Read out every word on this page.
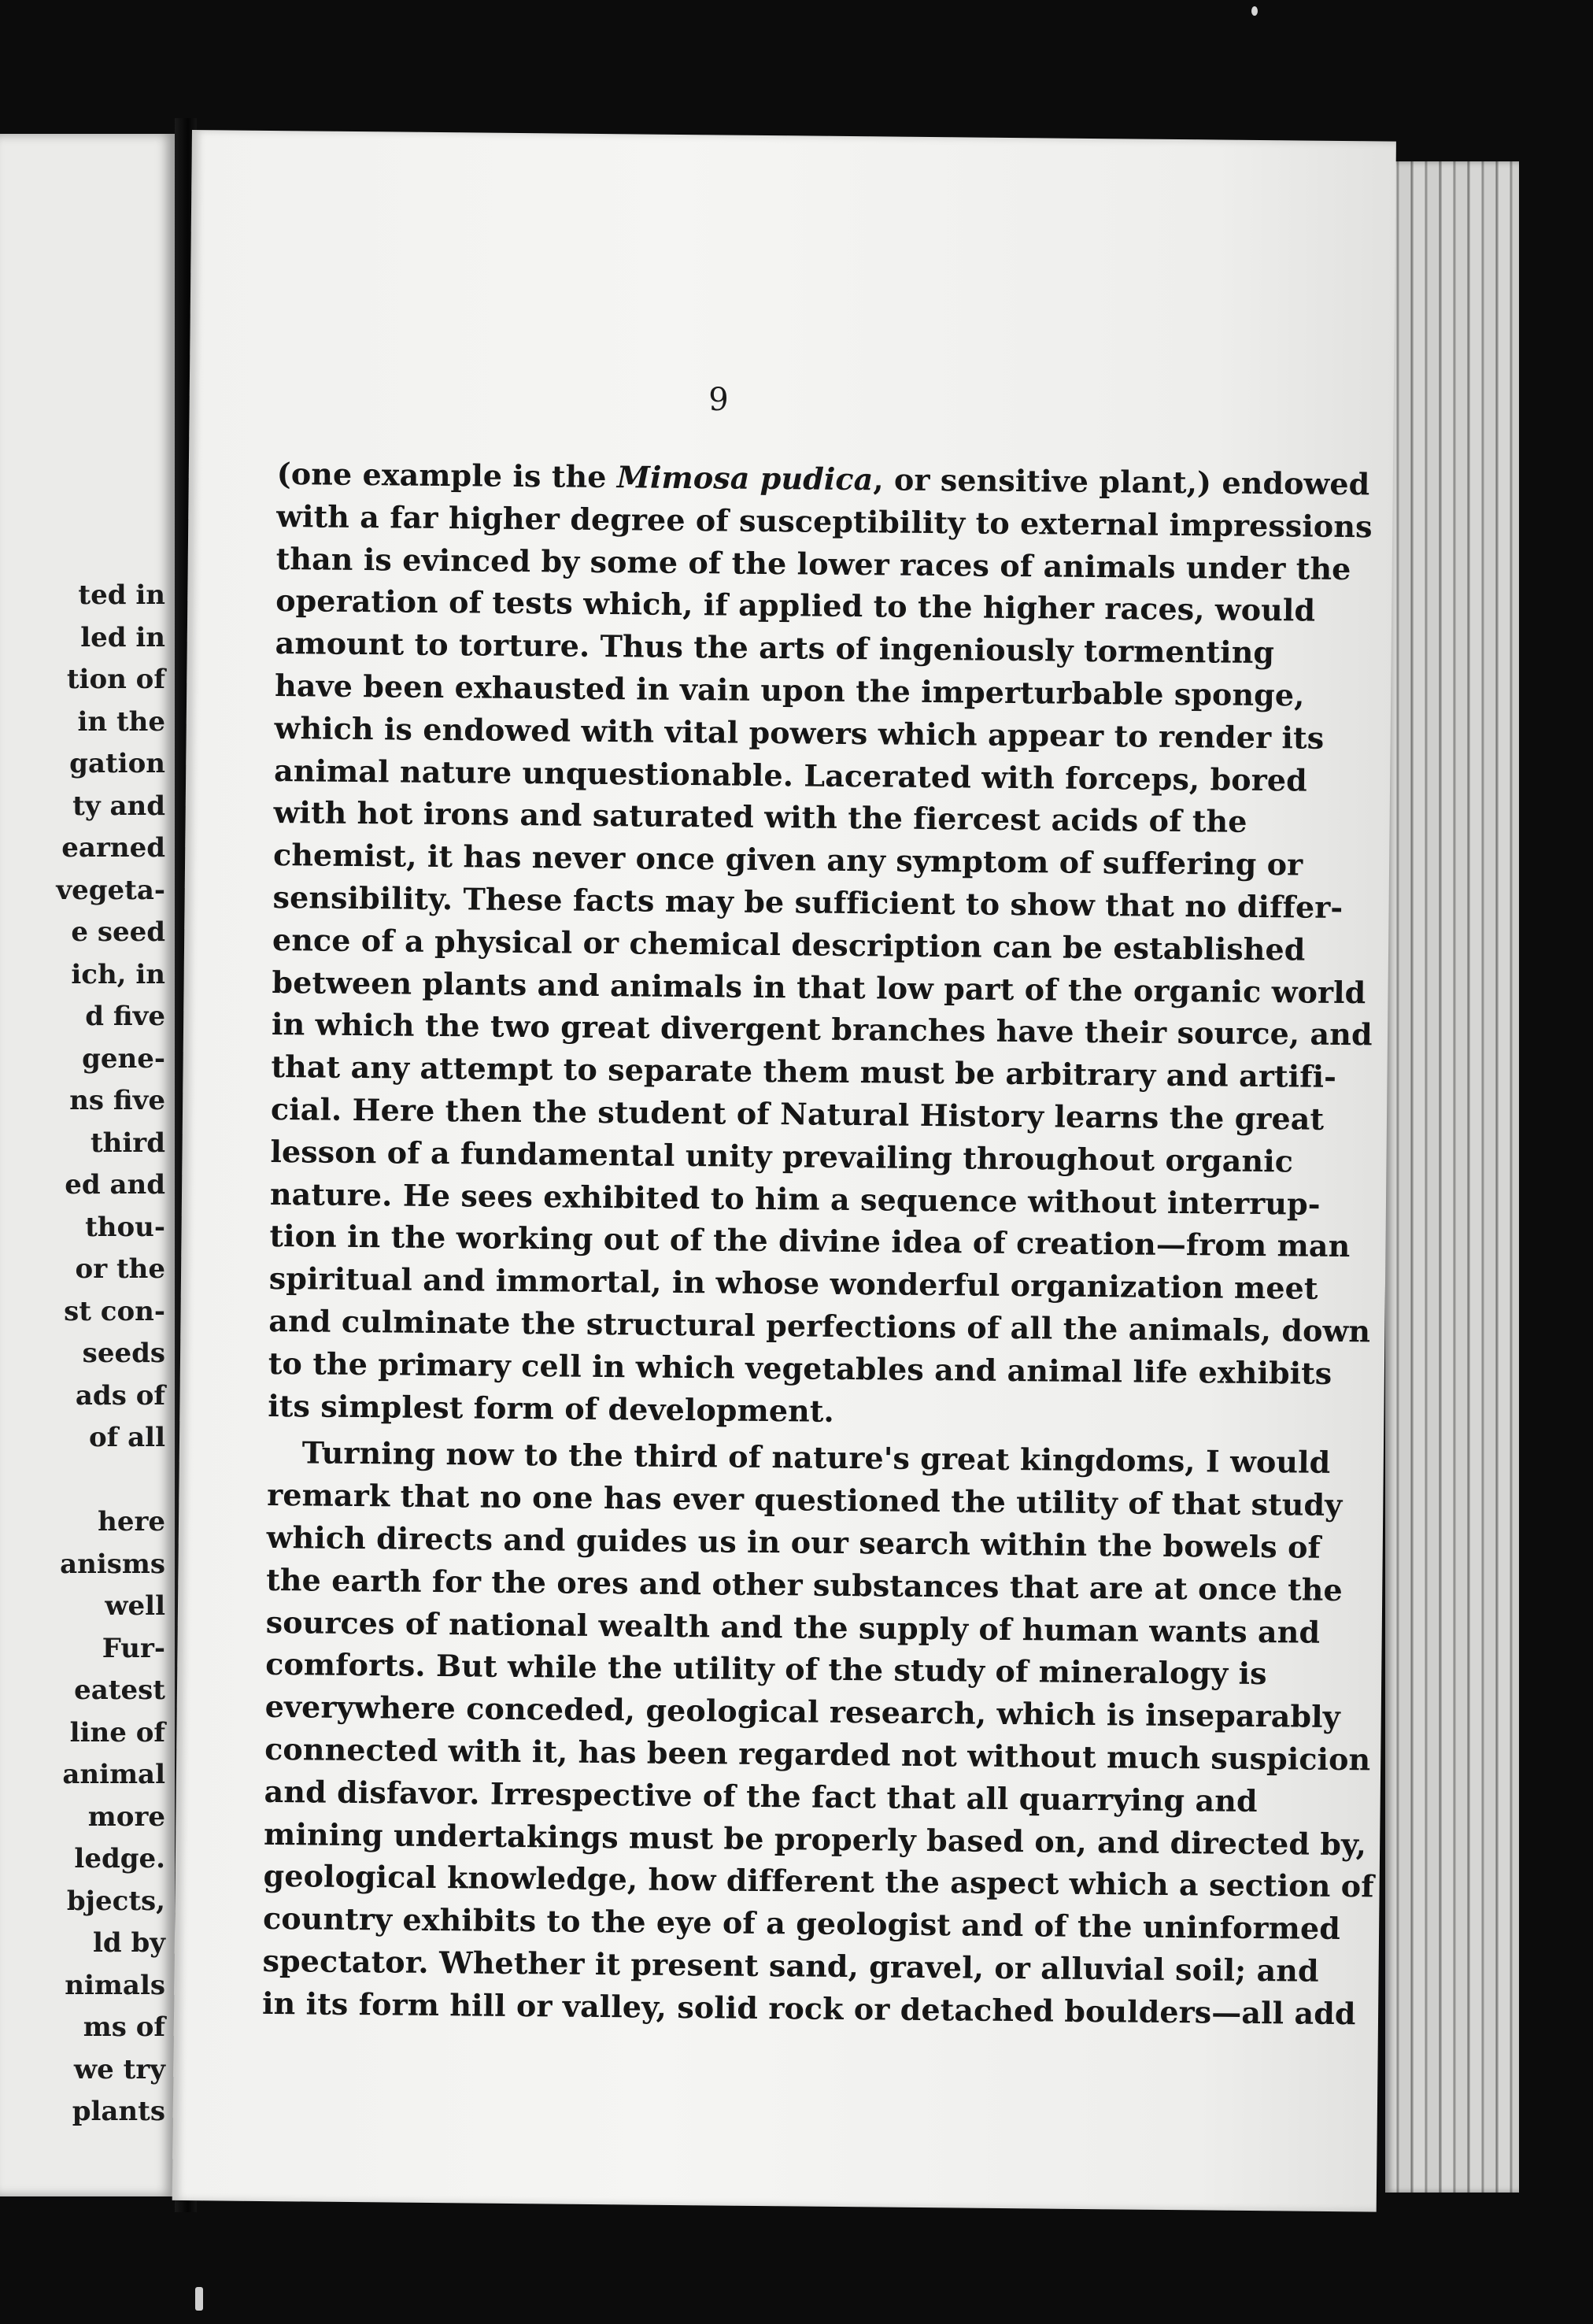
ted in
led in
tion of
in the
gation
ty and
earned
vegeta-
e seed
ich, in
d five
gene-
ns five
third
ed and
thou-
or the
st con-
seeds
ads of
of all
here
anisms
well
Fur-
eatest
line of
animal
more
ledge.
bjects,
ld by
nimals
ms of
we try
plants
9
(one example is the Mimosa pudica, or sensitive plant,) endowed
with a far higher degree of susceptibility to external impressions
than is evinced by some of the lower races of animals under the
operation of tests which, if applied to the higher races, would
amount to torture. Thus the arts of ingeniously tormenting
have been exhausted in vain upon the imperturbable sponge,
which is endowed with vital powers which appear to render its
animal nature unquestionable. Lacerated with forceps, bored
with hot irons and saturated with the fiercest acids of the
chemist, it has never once given any symptom of suffering or
sensibility. These facts may be sufficient to show that no differ-
ence of a physical or chemical description can be established
between plants and animals in that low part of the organic world
in which the two great divergent branches have their source, and
that any attempt to separate them must be arbitrary and artifi-
cial. Here then the student of Natural History learns the great
lesson of a fundamental unity prevailing throughout organic
nature. He sees exhibited to him a sequence without interrup-
tion in the working out of the divine idea of creation—from man
spiritual and immortal, in whose wonderful organization meet
and culminate the structural perfections of all the animals, down
to the primary cell in which vegetables and animal life exhibits
its simplest form of development.
Turning now to the third of nature's great kingdoms, I would
remark that no one has ever questioned the utility of that study
which directs and guides us in our search within the bowels of
the earth for the ores and other substances that are at once the
sources of national wealth and the supply of human wants and
comforts. But while the utility of the study of mineralogy is
everywhere conceded, geological research, which is inseparably
connected with it, has been regarded not without much suspicion
and disfavor. Irrespective of the fact that all quarrying and
mining undertakings must be properly based on, and directed by,
geological knowledge, how different the aspect which a section of
country exhibits to the eye of a geologist and of the uninformed
spectator. Whether it present sand, gravel, or alluvial soil; and
in its form hill or valley, solid rock or detached boulders—all add
